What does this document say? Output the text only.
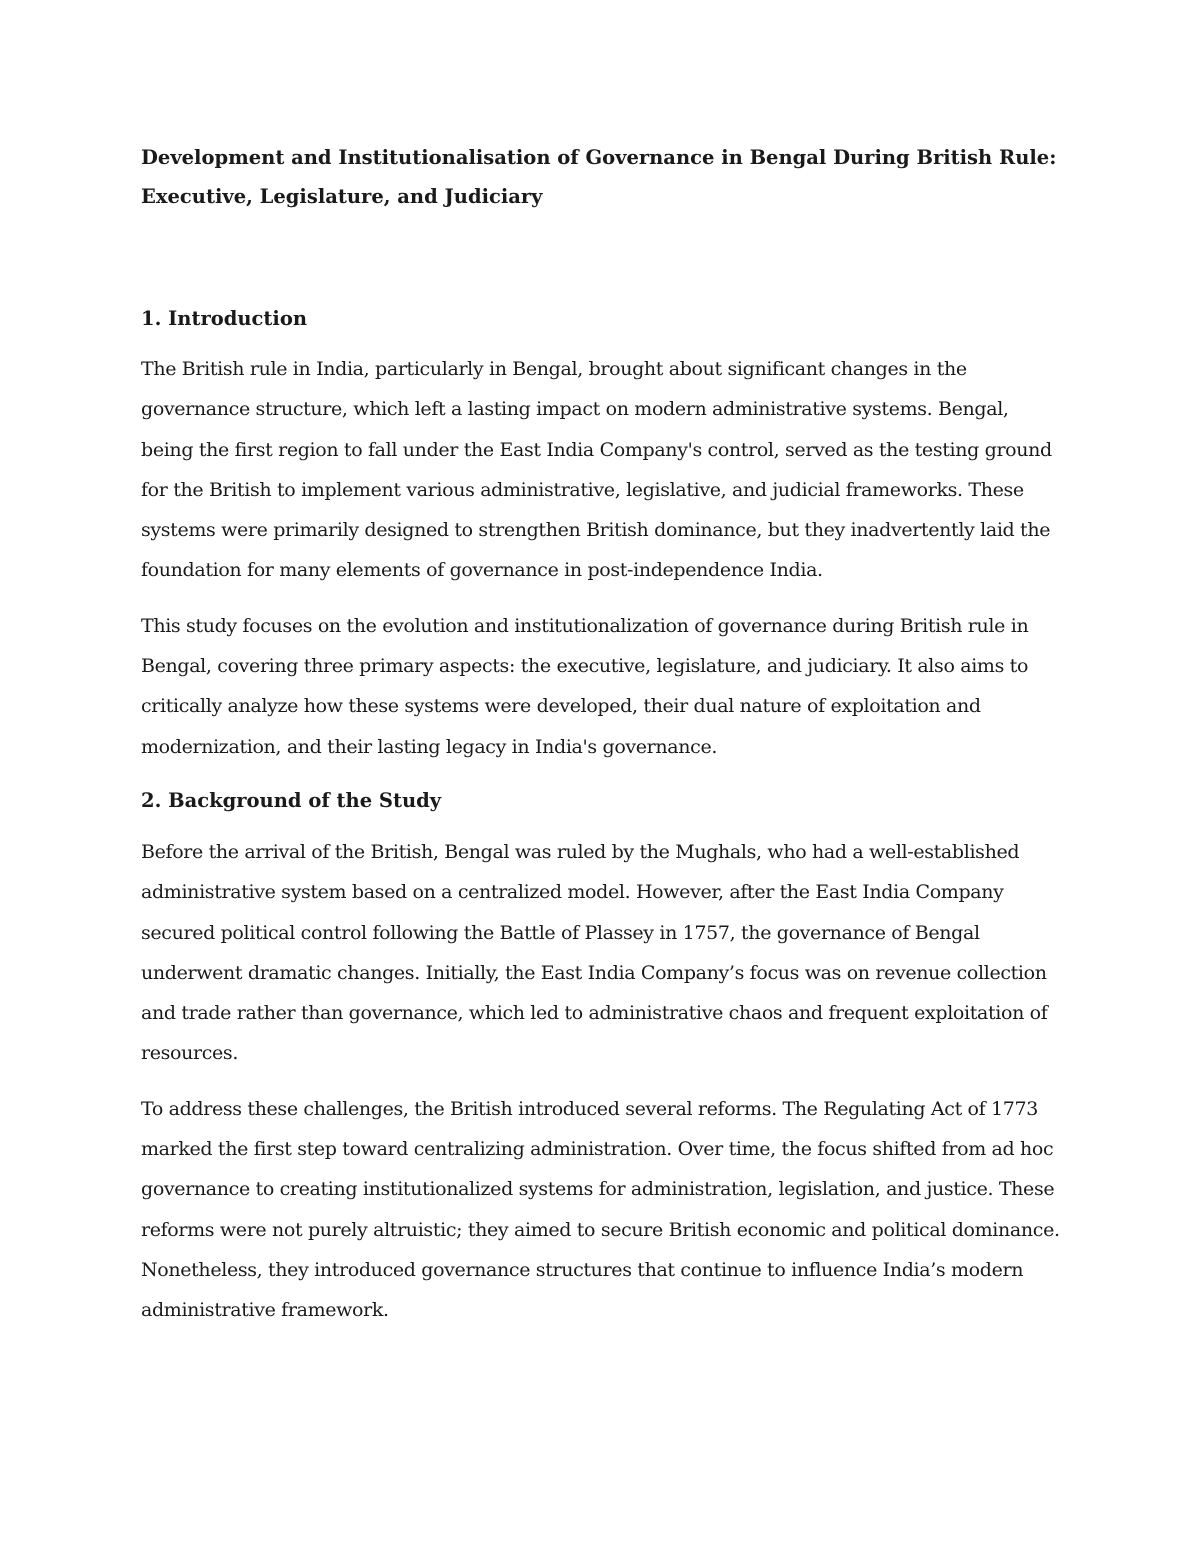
Development and Institutionalisation of Governance in Bengal During British Rule: Executive, Legislature, and Judiciary

1. Introduction

The British rule in India, particularly in Bengal, brought about significant changes in the governance structure, which left a lasting impact on modern administrative systems. Bengal, being the first region to fall under the East India Company's control, served as the testing ground for the British to implement various administrative, legislative, and judicial frameworks. These systems were primarily designed to strengthen British dominance, but they inadvertently laid the foundation for many elements of governance in post-independence India.

This study focuses on the evolution and institutionalization of governance during British rule in Bengal, covering three primary aspects: the executive, legislature, and judiciary. It also aims to critically analyze how these systems were developed, their dual nature of exploitation and modernization, and their lasting legacy in India's governance.

2. Background of the Study

Before the arrival of the British, Bengal was ruled by the Mughals, who had a well-established administrative system based on a centralized model. However, after the East India Company secured political control following the Battle of Plassey in 1757, the governance of Bengal underwent dramatic changes. Initially, the East India Company’s focus was on revenue collection and trade rather than governance, which led to administrative chaos and frequent exploitation of resources.

To address these challenges, the British introduced several reforms. The Regulating Act of 1773 marked the first step toward centralizing administration. Over time, the focus shifted from ad hoc governance to creating institutionalized systems for administration, legislation, and justice. These reforms were not purely altruistic; they aimed to secure British economic and political dominance. Nonetheless, they introduced governance structures that continue to influence India’s modern administrative framework.
